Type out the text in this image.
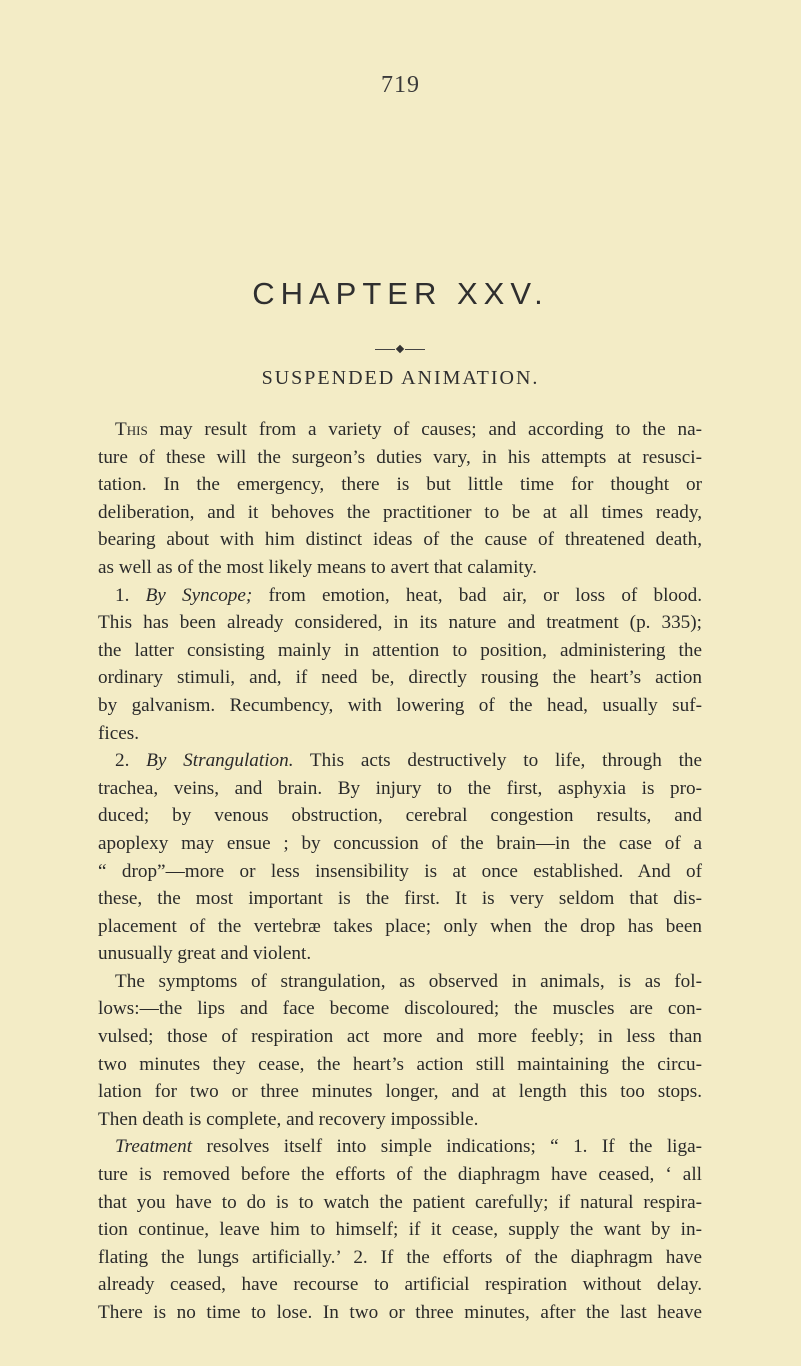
719
CHAPTER XXV.
SUSPENDED ANIMATION.
This may result from a variety of causes; and according to the na-
ture of these will the surgeon’s duties vary, in his attempts at resusci-
tation. In the emergency, there is but little time for thought or
deliberation, and it behoves the practitioner to be at all times ready,
bearing about with him distinct ideas of the cause of threatened death,
as well as of the most likely means to avert that calamity.
1. By Syncope; from emotion, heat, bad air, or loss of blood.
This has been already considered, in its nature and treatment (p. 335);
the latter consisting mainly in attention to position, administering the
ordinary stimuli, and, if need be, directly rousing the heart’s action
by galvanism. Recumbency, with lowering of the head, usually suf-
fices.
2. By Strangulation. This acts destructively to life, through the
trachea, veins, and brain. By injury to the first, asphyxia is pro-
duced; by venous obstruction, cerebral congestion results, and
apoplexy may ensue ; by concussion of the brain—in the case of a
“ drop”—more or less insensibility is at once established. And of
these, the most important is the first. It is very seldom that dis-
placement of the vertebræ takes place; only when the drop has been
unusually great and violent.
The symptoms of strangulation, as observed in animals, is as fol-
lows:—the lips and face become discoloured; the muscles are con-
vulsed; those of respiration act more and more feebly; in less than
two minutes they cease, the heart’s action still maintaining the circu-
lation for two or three minutes longer, and at length this too stops.
Then death is complete, and recovery impossible.
Treatment resolves itself into simple indications; “ 1. If the liga-
ture is removed before the efforts of the diaphragm have ceased, ‘ all
that you have to do is to watch the patient carefully; if natural respira-
tion continue, leave him to himself; if it cease, supply the want by in-
flating the lungs artificially.’ 2. If the efforts of the diaphragm have
already ceased, have recourse to artificial respiration without delay.
There is no time to lose. In two or three minutes, after the last heave
